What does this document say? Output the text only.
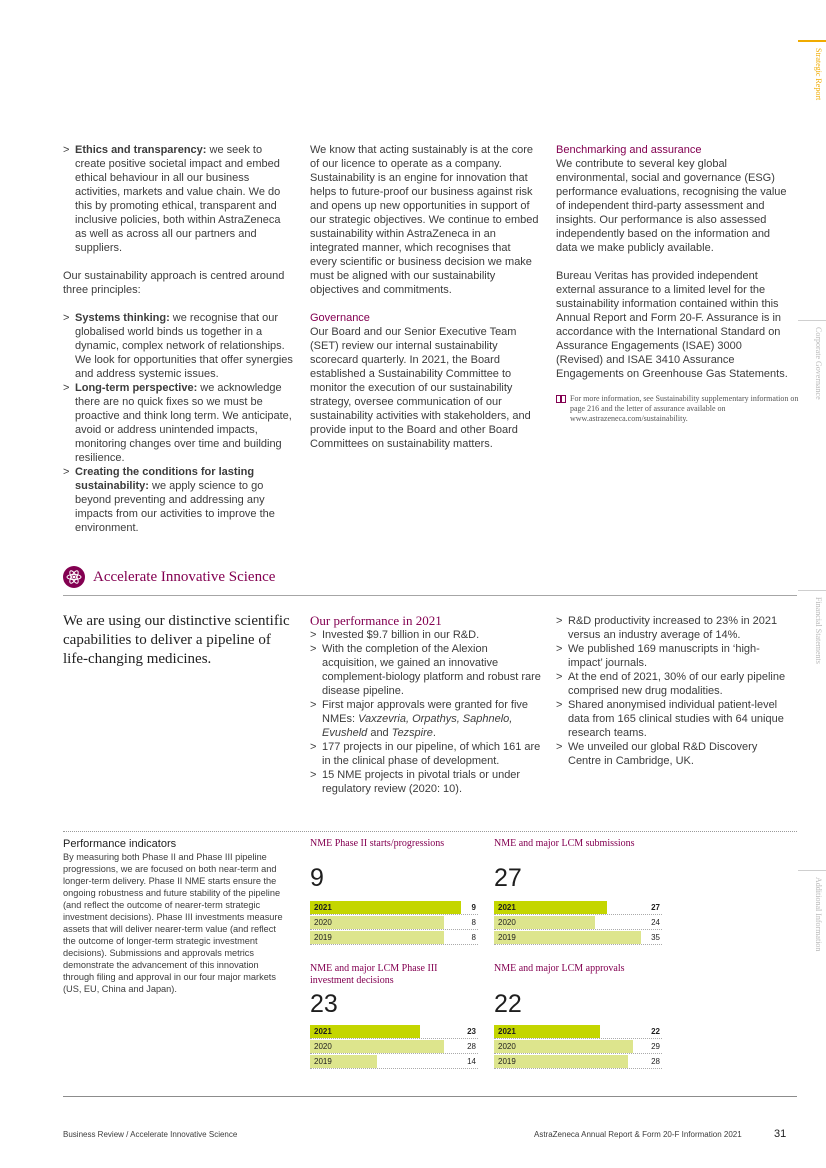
Strategic Report
Corporate Governance
Financial Statements
Additional Information
> Ethics and transparency: we seek to create positive societal impact and embed ethical behaviour in all our business activities, markets and value chain. We do this by promoting ethical, transparent and inclusive policies, both within AstraZeneca as well as across all our partners and suppliers.

Our sustainability approach is centred around three principles:

> Systems thinking: we recognise that our globalised world binds us together in a dynamic, complex network of relationships. We look for opportunities that offer synergies and address systemic issues.
> Long-term perspective: we acknowledge there are no quick fixes so we must be proactive and think long term. We anticipate, avoid or address unintended impacts, monitoring changes over time and building resilience.
> Creating the conditions for lasting sustainability: we apply science to go beyond preventing and addressing any impacts from our activities to improve the environment.

We know that acting sustainably is at the core of our licence to operate as a company. Sustainability is an engine for innovation that helps to future-proof our business against risk and opens up new opportunities in support of our strategic objectives. We continue to embed sustainability within AstraZeneca in an integrated manner, which recognises that every scientific or business decision we make must be aligned with our sustainability objectives and commitments.

Governance

Our Board and our Senior Executive Team (SET) review our internal sustainability scorecard quarterly. In 2021, the Board established a Sustainability Committee to monitor the execution of our sustainability strategy, oversee communication of our sustainability activities with stakeholders, and provide input to the Board and other Board Committees on sustainability matters.

Benchmarking and assurance

We contribute to several key global environmental, social and governance (ESG) performance evaluations, recognising the value of independent third-party assessment and insights. Our performance is also assessed independently based on the information and data we make publicly available.

Bureau Veritas has provided independent external assurance to a limited level for the sustainability information contained within this Annual Report and Form 20-F. Assurance is in accordance with the International Standard on Assurance Engagements (ISAE) 3000 (Revised) and ISAE 3410 Assurance Engagements on Greenhouse Gas Statements.

For more information, see Sustainability supplementary information on page 216 and the letter of assurance available on www.astrazeneca.com/sustainability.
Accelerate Innovative Science
We are using our distinctive scientific capabilities to deliver a pipeline of life-changing medicines.
Our performance in 2021
> Invested $9.7 billion in our R&D.
> With the completion of the Alexion acquisition, we gained an innovative complement-biology platform and robust rare disease pipeline.
> First major approvals were granted for five NMEs: Vaxzevria, Orpathys, Saphnelo, Evusheld and Tezspire.
> 177 projects in our pipeline, of which 161 are in the clinical phase of development.
> 15 NME projects in pivotal trials or under regulatory review (2020: 10).
> R&D productivity increased to 23% in 2021 versus an industry average of 14%.
> We published 169 manuscripts in ‘high-impact’ journals.
> At the end of 2021, 30% of our early pipeline comprised new drug modalities.
> Shared anonymised individual patient-level data from 165 clinical studies with 64 unique research teams.
> We unveiled our global R&D Discovery Centre in Cambridge, UK.
Performance indicators
By measuring both Phase II and Phase III pipeline progressions, we are focused on both near-term and longer-term delivery. Phase II NME starts ensure the ongoing robustness and future stability of the pipeline (and reflect the outcome of nearer-term strategic investment decisions). Phase III investments measure assets that will deliver nearer-term value (and reflect the outcome of longer-term strategic investment decisions). Submissions and approvals metrics demonstrate the advancement of this innovation through filing and approval in our four major markets (US, EU, China and Japan).
NME Phase II starts/progressions
9
2021	9
2020	8
2019	8
NME and major LCM submissions
27
2021	27
2020	24
2019	35
NME and major LCM Phase III investment decisions
23
2021	23
2020	28
2019	14
NME and major LCM approvals
22
2021	22
2020	29
2019	28
Business Review / Accelerate Innovative Science	AstraZeneca Annual Report & Form 20-F Information 2021	31
